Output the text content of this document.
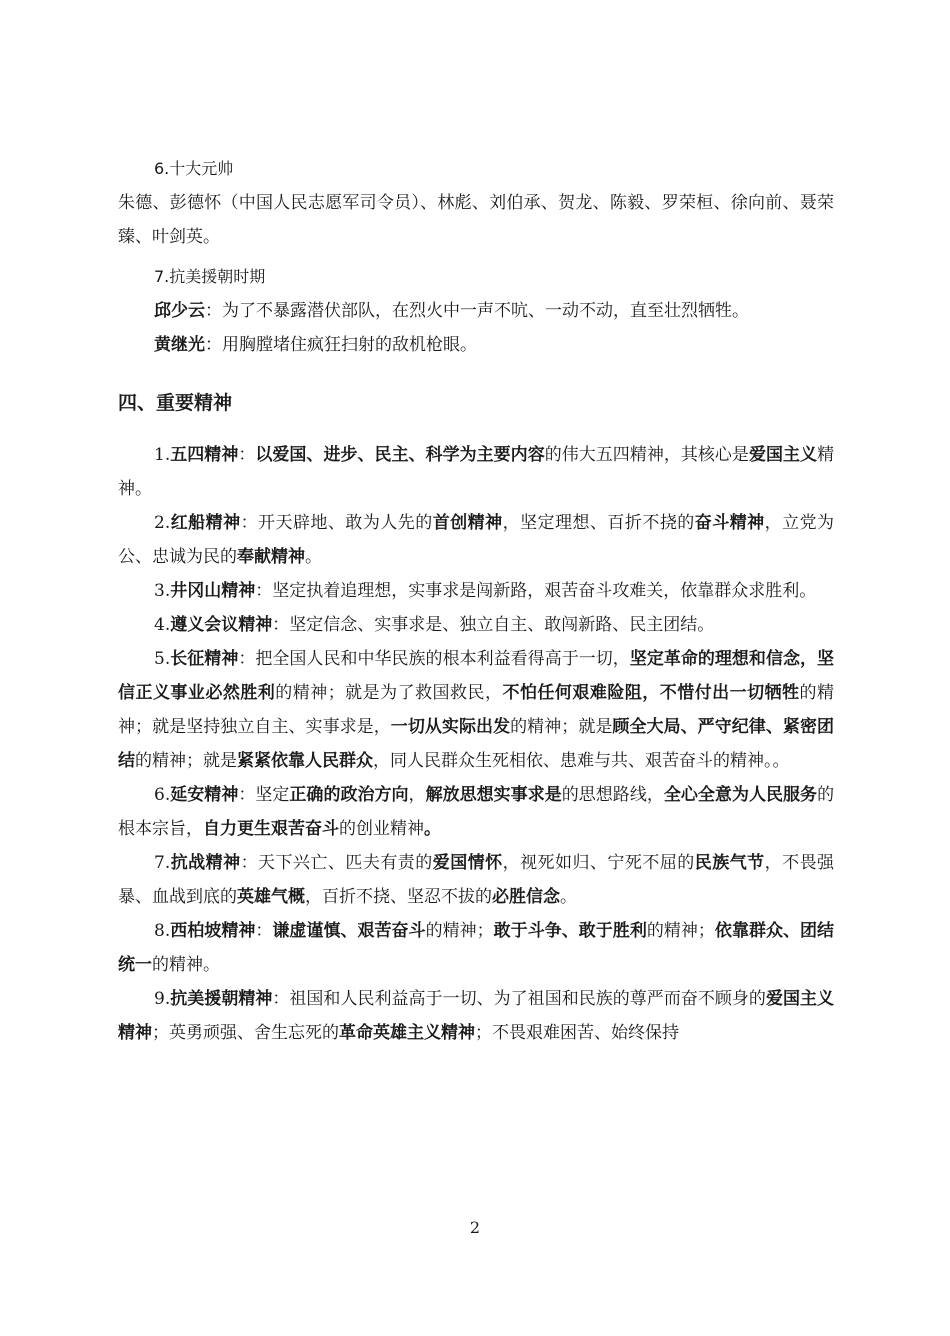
6.十大元帅

朱德、彭德怀（中国人民志愿军司令员）、林彪、刘伯承、贺龙、陈毅、罗荣桓、徐向前、聂荣臻、叶剑英。

7.抗美援朝时期

邱少云：为了不暴露潜伏部队，在烈火中一声不吭、一动不动，直至壮烈牺牲。

黄继光：用胸膛堵住疯狂扫射的敌机枪眼。

四、重要精神

1.五四精神：以爱国、进步、民主、科学为主要内容的伟大五四精神，其核心是爱国主义精神。

2.红船精神：开天辟地、敢为人先的首创精神，坚定理想、百折不挠的奋斗精神，立党为公、忠诚为民的奉献精神。

3.井冈山精神：坚定执着追理想，实事求是闯新路，艰苦奋斗攻难关，依靠群众求胜利。

4.遵义会议精神：坚定信念、实事求是、独立自主、敢闯新路、民主团结。

5.长征精神：把全国人民和中华民族的根本利益看得高于一切，坚定革命的理想和信念，坚信正义事业必然胜利的精神；就是为了救国救民，不怕任何艰难险阻，不惜付出一切牺牲的精神；就是坚持独立自主、实事求是，一切从实际出发的精神；就是顾全大局、严守纪律、紧密团结的精神；就是紧紧依靠人民群众，同人民群众生死相依、患难与共、艰苦奋斗的精神。。

6.延安精神：坚定正确的政治方向，解放思想实事求是的思想路线，全心全意为人民服务的根本宗旨，自力更生艰苦奋斗的创业精神。

7.抗战精神：天下兴亡、匹夫有责的爱国情怀，视死如归、宁死不屈的民族气节，不畏强暴、血战到底的英雄气概，百折不挠、坚忍不拔的必胜信念。

8.西柏坡精神：谦虚谨慎、艰苦奋斗的精神；敢于斗争、敢于胜利的精神；依靠群众、团结统一的精神。

9.抗美援朝精神：祖国和人民利益高于一切、为了祖国和民族的尊严而奋不顾身的爱国主义精神；英勇顽强、舍生忘死的革命英雄主义精神；不畏艰难困苦、始终保持

2
